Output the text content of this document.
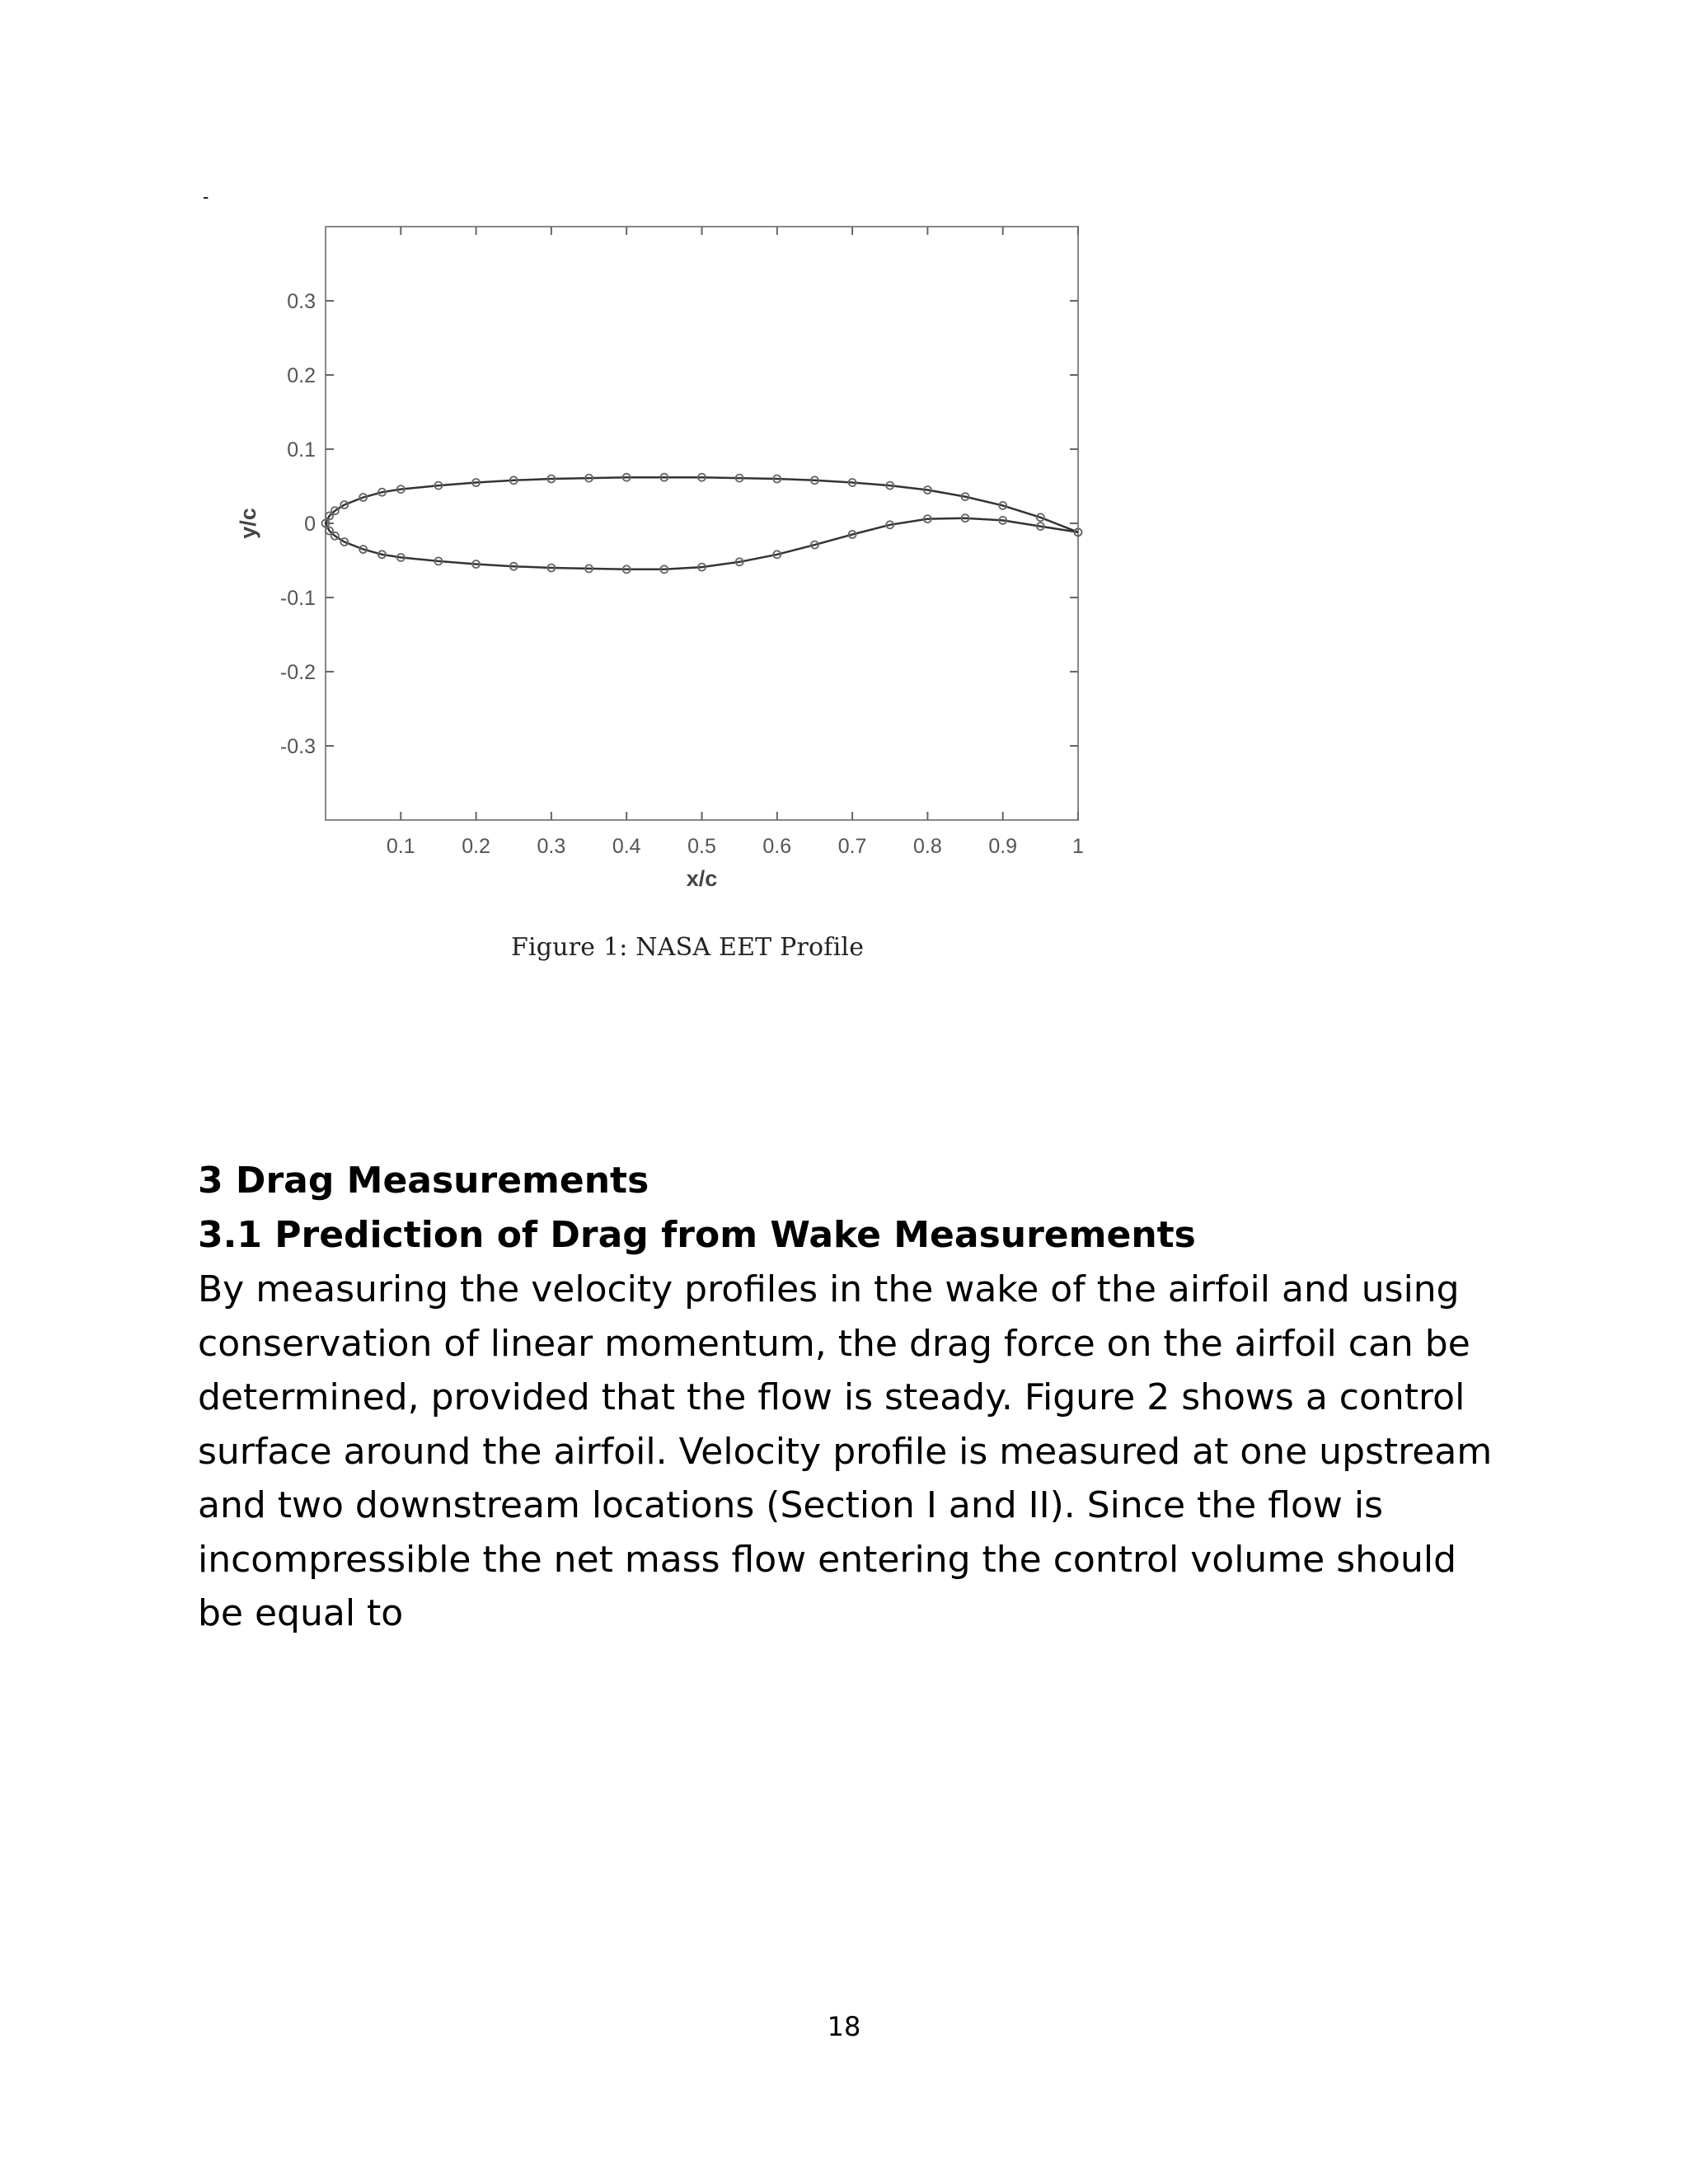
-
0.1 0.2 0.3 0.4 0.5 0.6 0.7 0.8 0.9	1
0.3
0.2
0.1
0
-0.1
-0.2
-0.3
x/c
y/c
Figure 1: NASA EET Profile
3 Drag Measurements
3.1 Prediction of Drag from Wake Measurements

By measuring the velocity profiles in the wake of the airfoil and using
conservation of linear momentum, the drag force on the airfoil can be
determined, provided that the flow is steady. Figure 2 shows a control
surface around the airfoil. Velocity profile is measured at one upstream
and two downstream locations (Section I and II). Since the flow is
incompressible the net mass flow entering the control volume should
be equal to

18
